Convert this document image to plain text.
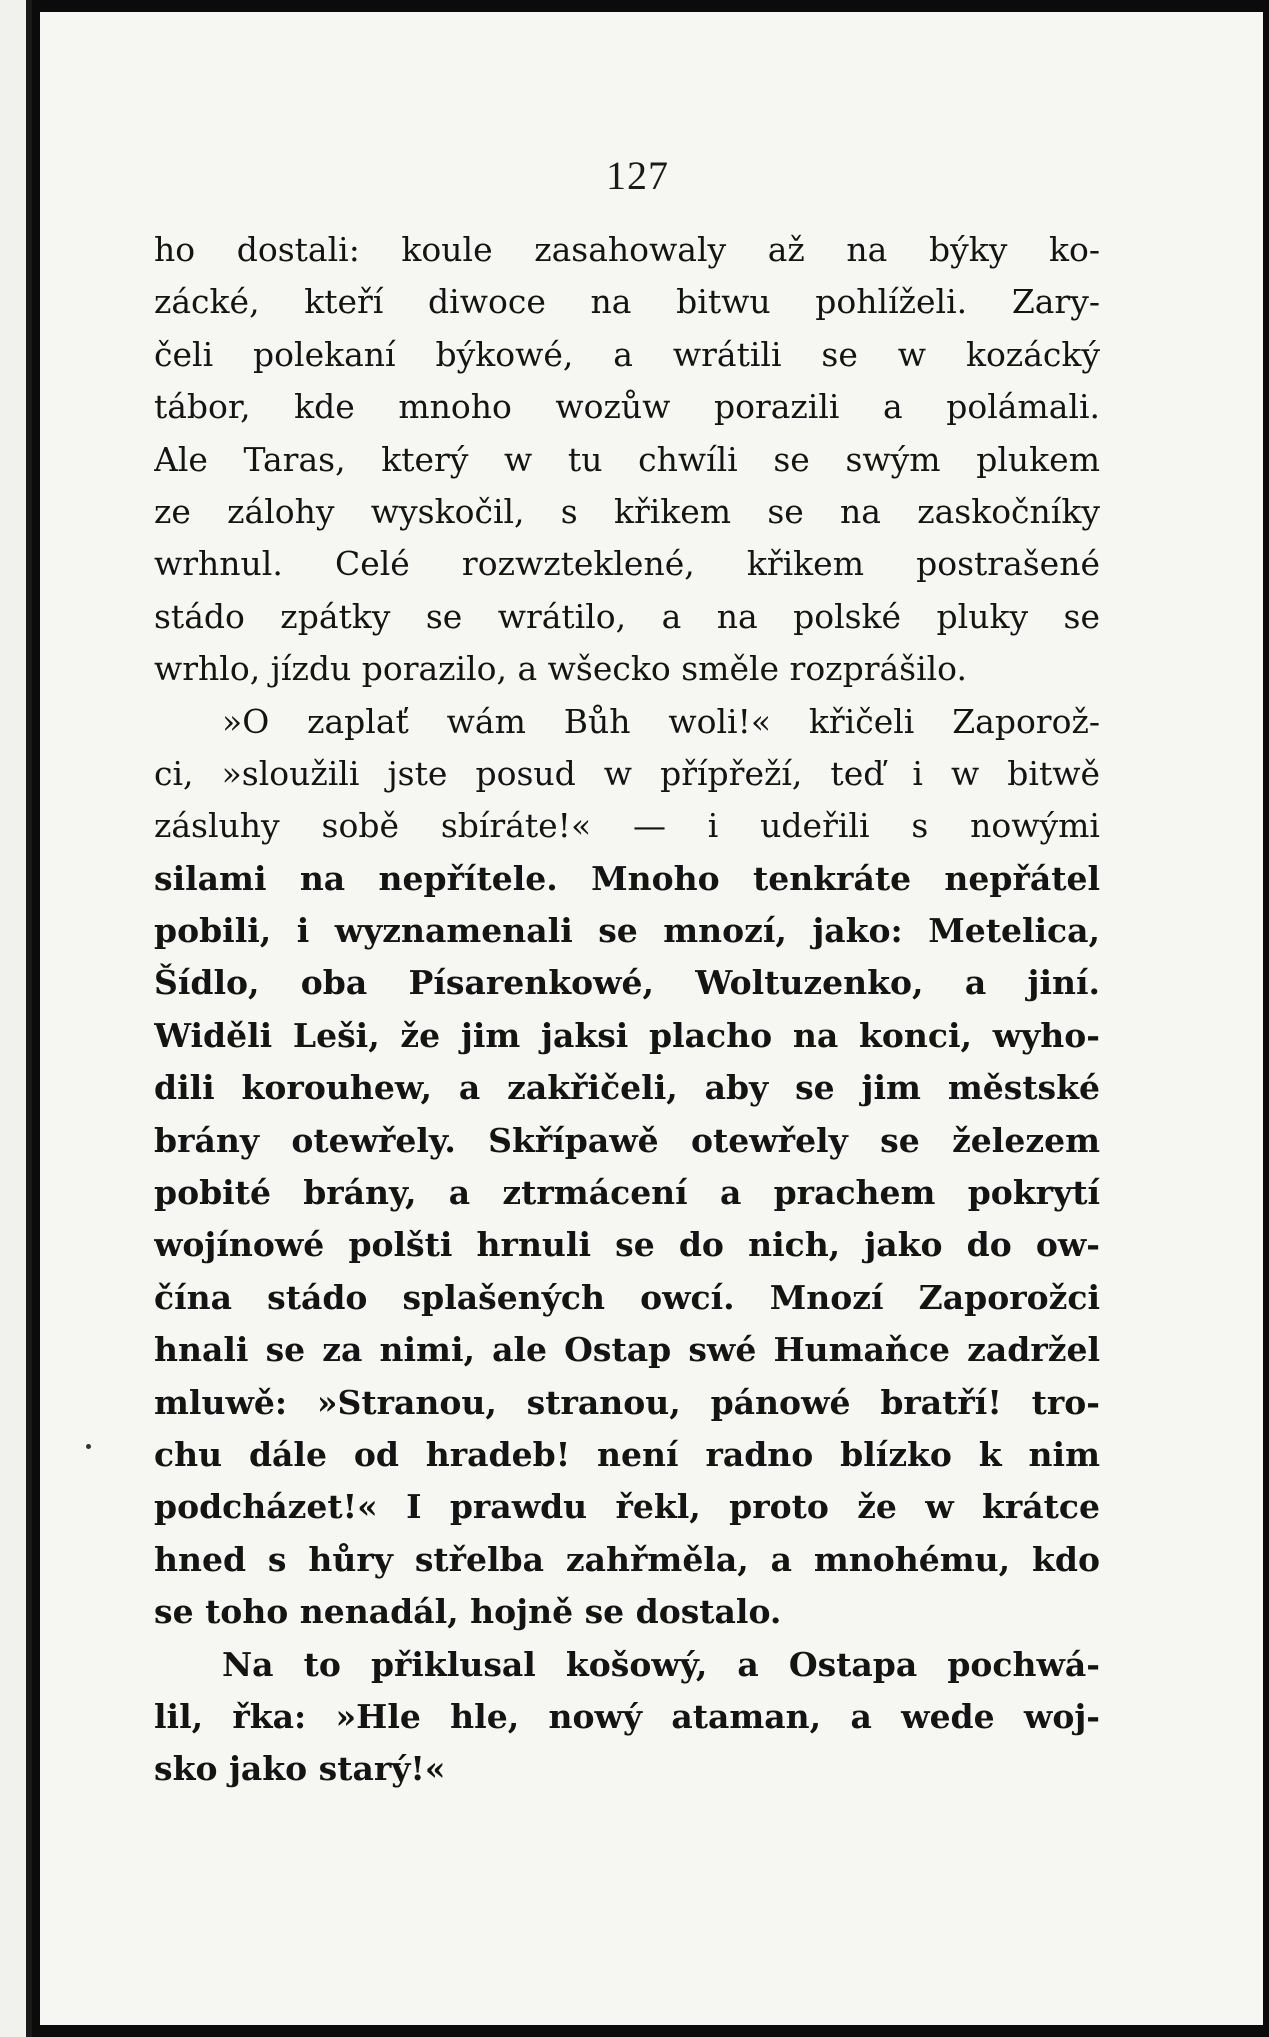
127
ho dostali: koule zasahowaly až na býky ko-
zácké, kteří diwoce na bitwu pohlíželi. Zary-
čeli polekaní býkowé, a wrátili se w kozácký
tábor, kde mnoho wozůw porazili a polámali.
Ale Taras, který w tu chwíli se swým plukem
ze zálohy wyskočil, s křikem se na zaskočníky
wrhnul. Celé rozwzteklené, křikem postrašené
stádo zpátky se wrátilo, a na polské pluky se
wrhlo, jízdu porazilo, a wšecko směle rozprášilo.
»O zaplať wám Bůh woli!« křičeli Zaporož-
ci, »sloužili jste posud w přípřeží, teď i w bitwě
zásluhy sobě sbíráte!« — i udeřili s nowými
silami na nepřítele. Mnoho tenkráte nepřátel
pobili, i wyznamenali se mnozí, jako: Metelica,
Šídlo, oba Písarenkowé, Woltuzenko, a jiní.
Widěli Leši, že jim jaksi placho na konci, wyho-
dili korouhew, a zakřičeli, aby se jim městské
brány otewřely. Skřípawě otewřely se železem
pobité brány, a ztrmácení a prachem pokrytí
wojínowé polšti hrnuli se do nich, jako do ow-
čína stádo splašených owcí. Mnozí Zaporožci
hnali se za nimi, ale Ostap swé Humaňce zadržel
mluwě: »Stranou, stranou, pánowé bratří! tro-
chu dále od hradeb! není radno blízko k nim
podcházet!« I prawdu řekl, proto že w krátce
hned s hůry střelba zahřměla, a mnohému, kdo
se toho nenadál, hojně se dostalo.
Na to přiklusal košowý, a Ostapa pochwá-
lil, řka: »Hle hle, nowý ataman, a wede woj-
sko jako starý!«
